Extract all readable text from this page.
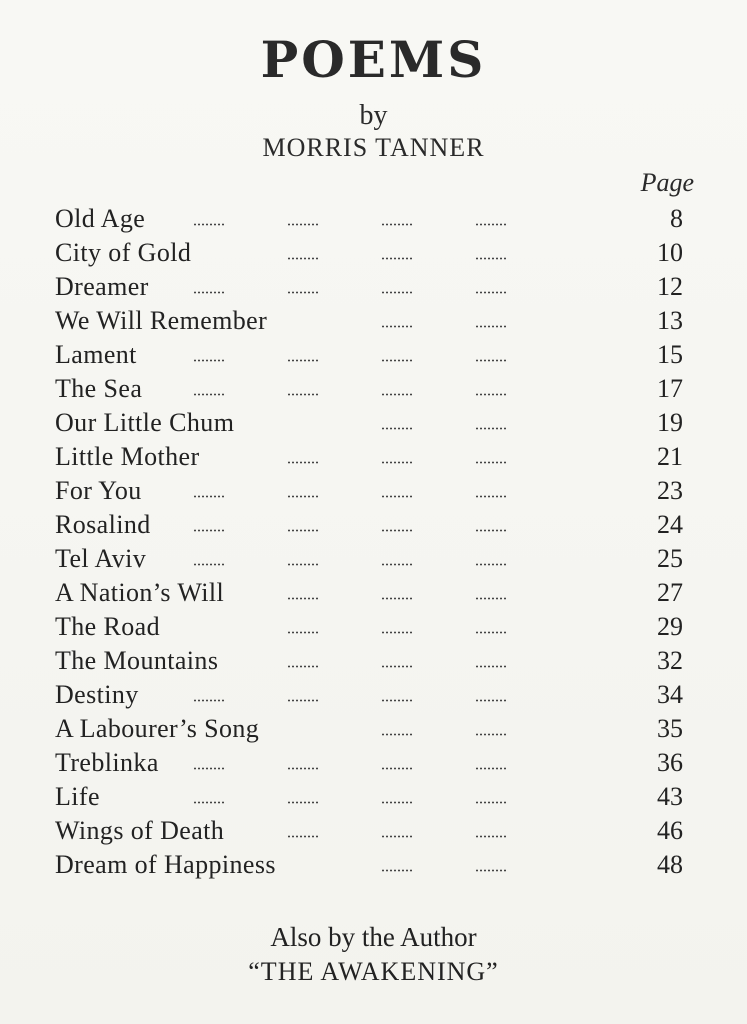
POEMS
by
MORRIS TANNER
Page
Old Age	8
City of Gold	10
Dreamer	12
We Will Remember	13
Lament	15
The Sea	17
Our Little Chum	19
Little Mother	21
For You	23
Rosalind	24
Tel Aviv	25
A Nation’s Will	27
The Road	29
The Mountains	32
Destiny	34
A Labourer’s Song	35
Treblinka	36
Life	43
Wings of Death	46
Dream of Happiness	48
Also by the Author
“THE AWAKENING”
